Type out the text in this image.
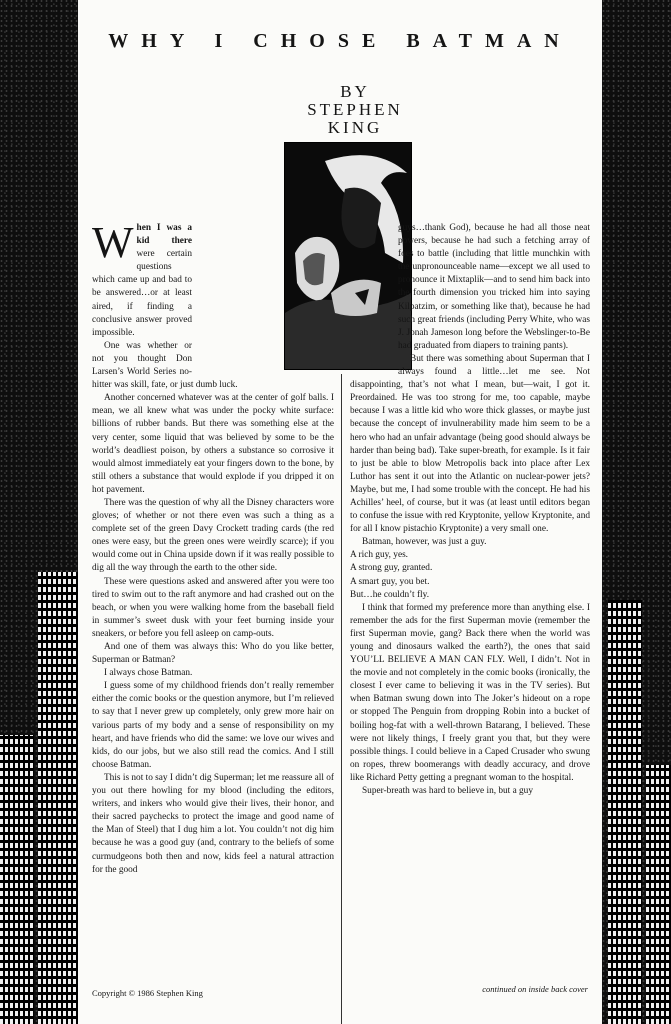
WHY I CHOSE BATMAN
BY
STEPHEN
KING

When I was a kid there were certain questions which came up and bad to be answered…or at least aired, if finding a conclusive answer proved impossible.

One was whether or not you thought Don Larsen’s World Series no-hitter was skill, fate, or just dumb luck.

Another concerned whatever was at the center of golf balls. I mean, we all knew what was under the pocky white surface: billions of rubber bands. But there was something else at the very center, some liquid that was believed by some to be the world’s deadliest poison, by others a substance so corrosive it would almost immediately eat your fingers down to the bone, by still others a substance that would explode if you dripped it on hot pavement.

There was the question of why all the Disney characters wore gloves; of whether or not there even was such a thing as a complete set of the green Davy Crockett trading cards (the red ones were easy, but the green ones were weirdly scarce); if you would come out in China upside down if it was really possible to dig all the way through the earth to the other side.

These were questions asked and answered after you were too tired to swim out to the raft anymore and had crashed out on the beach, or when you were walking home from the baseball field in summer’s sweet dusk with your feet burning inside your sneakers, or before you fell asleep on camp-outs.

And one of them was always this: Who do you like better, Superman or Batman?

I always chose Batman.

I guess some of my childhood friends don’t really remember either the comic books or the question anymore, but I’m relieved to say that I never grew up completely, only grew more hair on various parts of my body and a sense of responsibility on my heart, and have friends who did the same: we love our wives and kids, do our jobs, but we also still read the comics. And I still choose Batman.

This is not to say I didn’t dig Superman; let me reassure all of you out there howling for my blood (including the editors, writers, and inkers who would give their lives, their honor, and their sacred paychecks to protect the image and good name of the Man of Steel) that I dug him a lot. You couldn’t not dig him because he was a good guy (and, contrary to the beliefs of some curmudgeons both then and now, kids feel a natural attraction for the good

guys…thank God), because he had all those neat powers, because he had such a fetching array of foes to battle (including that little munchkin with the unpronounceable name—except we all used to pronounce it Mixtaplik—and to send him back into the fourth dimension you tricked him into saying Kilpatzim, or something like that), because he had such great friends (including Perry White, who was J. Jonah Jameson long before the Webslinger-to-Be had graduated from diapers to training pants).

But there was something about Superman that I always found a little…let me see. Not disappointing, that’s not what I mean, but—wait, I got it. Preordained. He was too strong for me, too capable, maybe because I was a little kid who wore thick glasses, or maybe just because the concept of invulnerability made him seem to be a hero who had an unfair advantage (being good should always be harder than being bad). Take super-breath, for example. Is it fair to just be able to blow Metropolis back into place after Lex Luthor has sent it out into the Atlantic on nuclear-power jets? Maybe, but me, I had some trouble with the concept. He had his Achilles’ heel, of course, but it was (at least until editors began to confuse the issue with red Kryptonite, yellow Kryptonite, and for all I know pistachio Kryptonite) a very small one.

Batman, however, was just a guy.

A rich guy, yes.

A strong guy, granted.

A smart guy, you bet.

But…he couldn’t fly.

I think that formed my preference more than anything else. I remember the ads for the first Superman movie (remember the first Superman movie, gang? Back there when the world was young and dinosaurs walked the earth?), the ones that said YOU’LL BELIEVE A MAN CAN FLY. Well, I didn’t. Not in the movie and not completely in the comic books (ironically, the closest I ever came to believing it was in the TV series). But when Batman swung down into The Joker’s hideout on a rope or stopped The Penguin from dropping Robin into a bucket of boiling hog-fat with a well-thrown Batarang, I believed. These were not likely things, I freely grant you that, but they were possible things. I could believe in a Caped Crusader who swung on ropes, threw boomerangs with deadly accuracy, and drove like Richard Petty getting a pregnant woman to the hospital.

Super-breath was hard to believe in, but a guy

Copyright © 1986 Stephen King	continued on inside back cover
